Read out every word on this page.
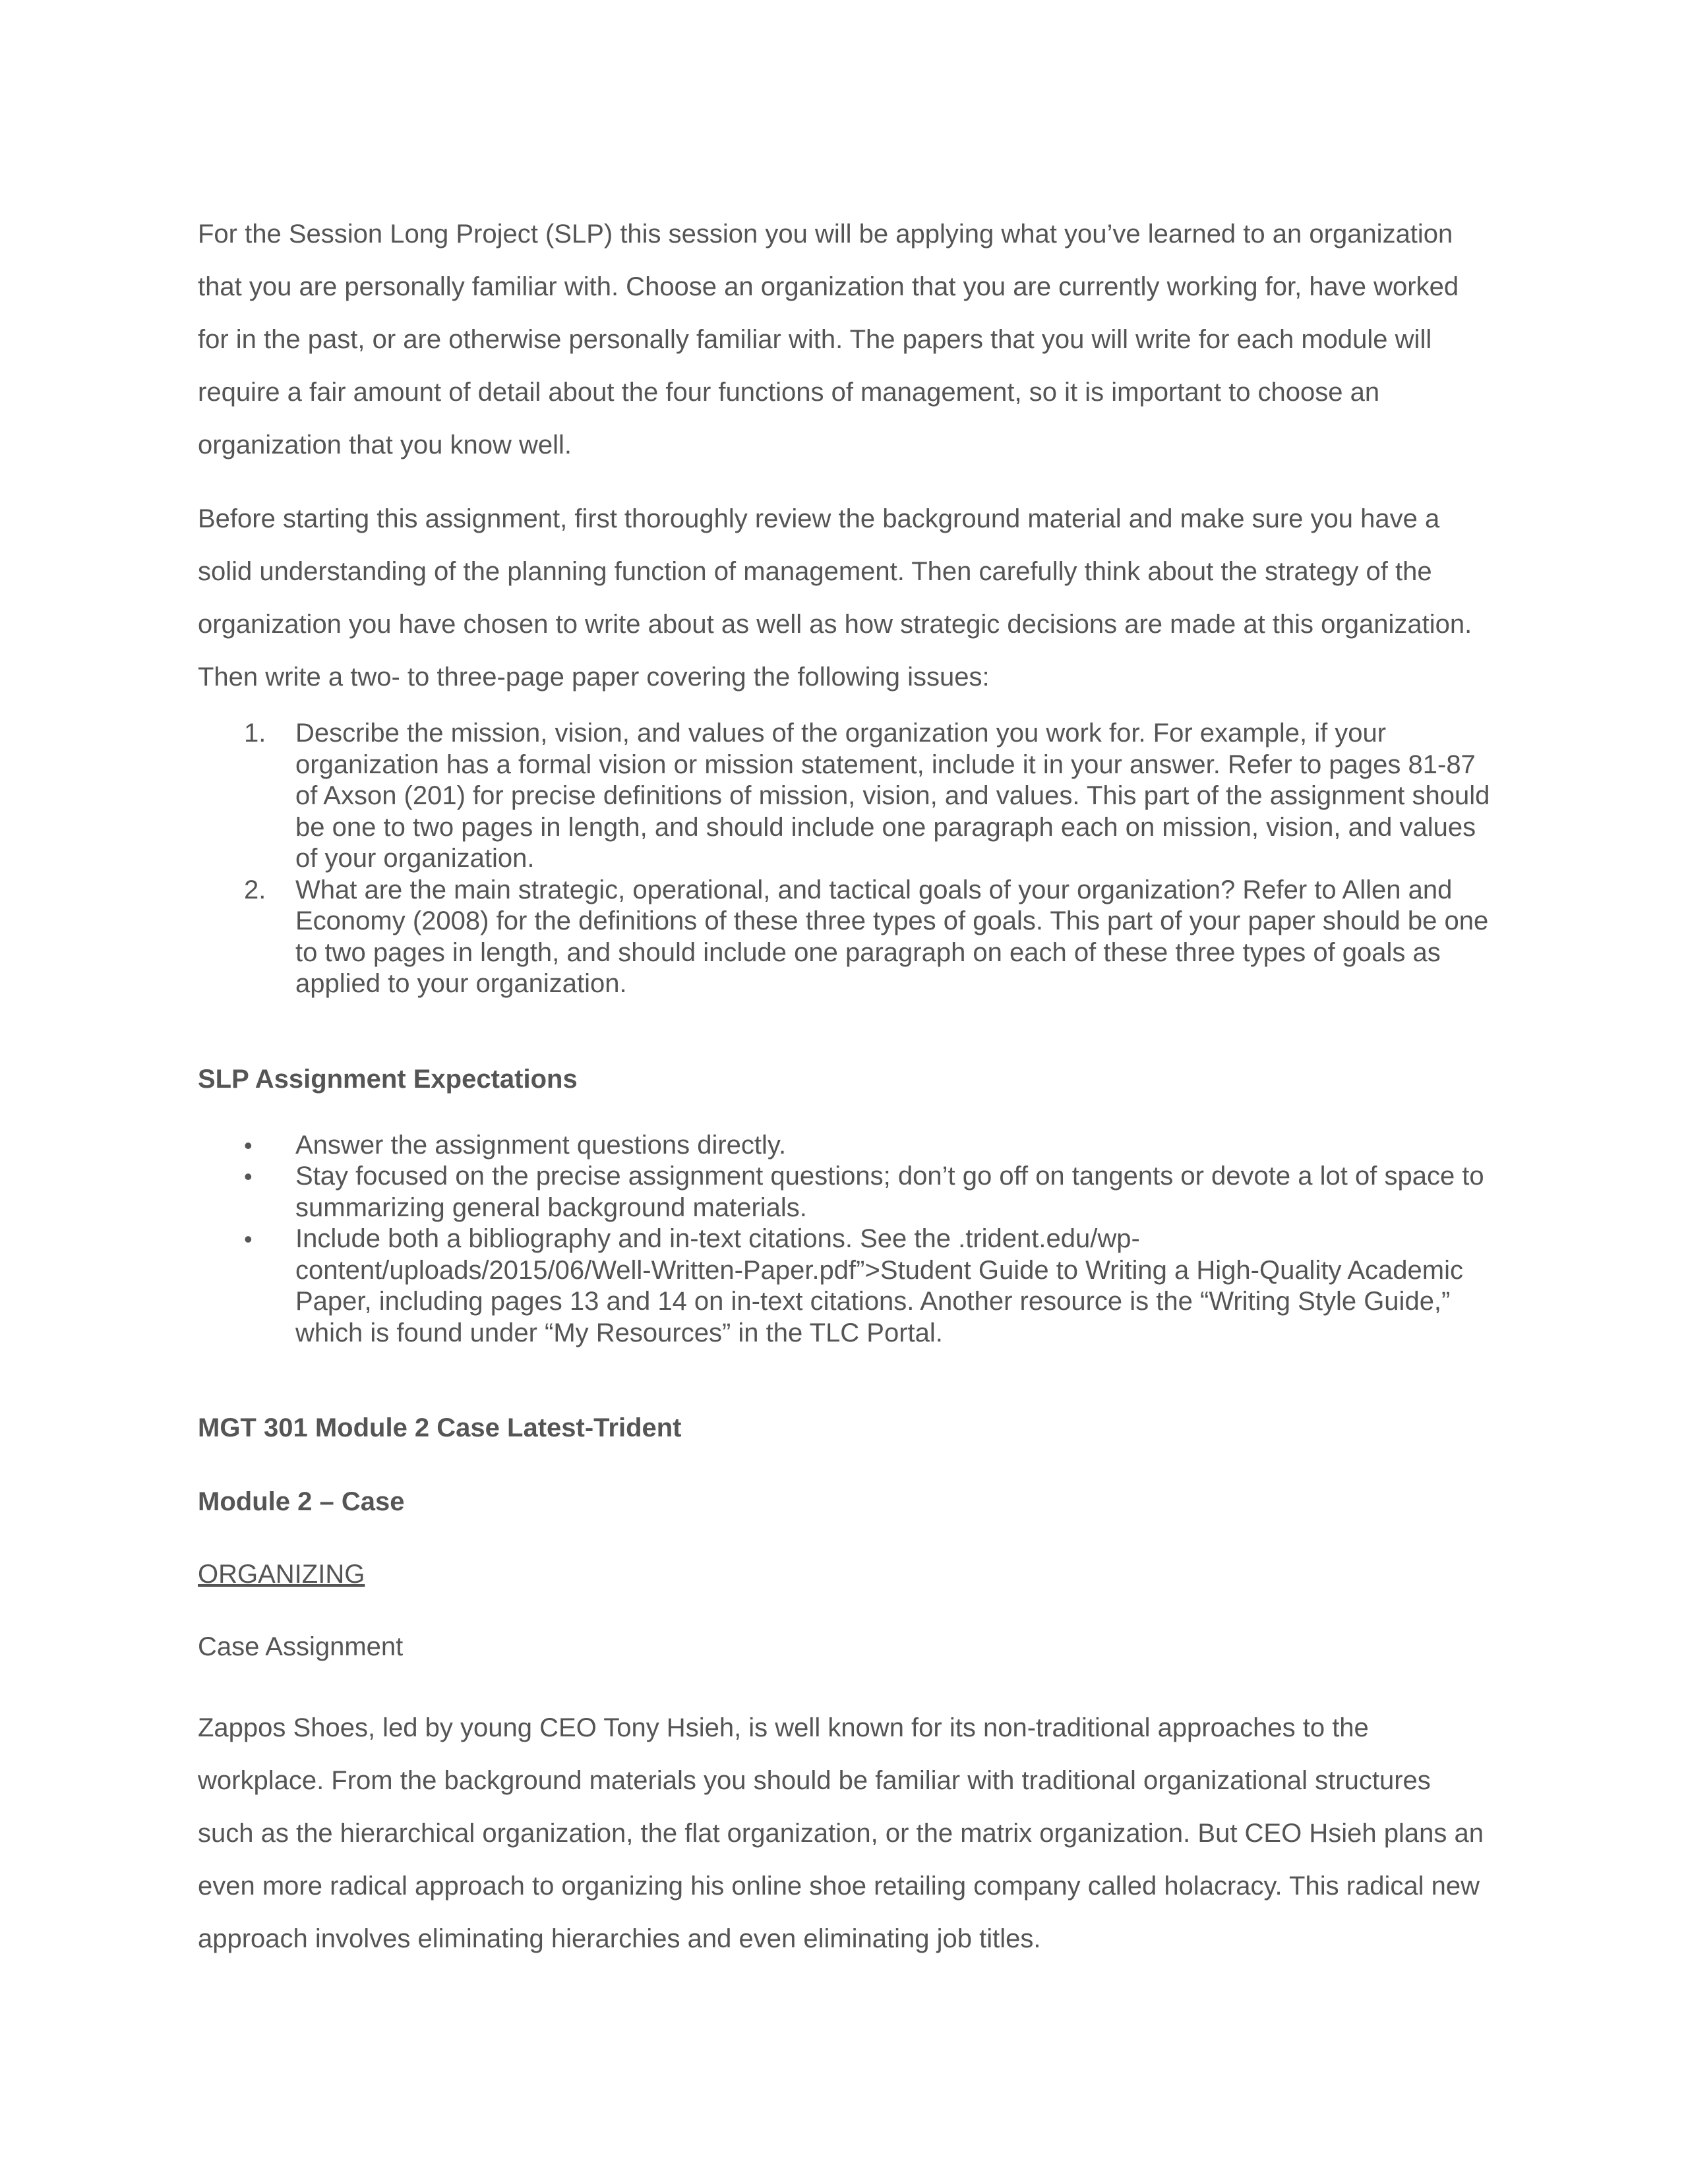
For the Session Long Project (SLP) this session you will be applying what you’ve learned to an organization that you are personally familiar with. Choose an organization that you are currently working for, have worked for in the past, or are otherwise personally familiar with. The papers that you will write for each module will require a fair amount of detail about the four functions of management, so it is important to choose an organization that you know well.

Before starting this assignment, first thoroughly review the background material and make sure you have a solid understanding of the planning function of management. Then carefully think about the strategy of the organization you have chosen to write about as well as how strategic decisions are made at this organization. Then write a two- to three-page paper covering the following issues:

1. Describe the mission, vision, and values of the organization you work for. For example, if your organization has a formal vision or mission statement, include it in your answer. Refer to pages 81-87 of Axson (201) for precise definitions of mission, vision, and values. This part of the assignment should be one to two pages in length, and should include one paragraph each on mission, vision, and values of your organization.
2. What are the main strategic, operational, and tactical goals of your organization? Refer to Allen and Economy (2008) for the definitions of these three types of goals. This part of your paper should be one to two pages in length, and should include one paragraph on each of these three types of goals as applied to your organization.
SLP Assignment Expectations
• Answer the assignment questions directly.
• Stay focused on the precise assignment questions; don’t go off on tangents or devote a lot of space to summarizing general background materials.
• Include both a bibliography and in-text citations. See the .trident.edu/wp-content/uploads/2015/06/Well-Written-Paper.pdf”>Student Guide to Writing a High-Quality Academic Paper, including pages 13 and 14 on in-text citations. Another resource is the “Writing Style Guide,” which is found under “My Resources” in the TLC Portal.
MGT 301 Module 2 Case Latest-Trident
Module 2 – Case

ORGANIZING

Case Assignment

Zappos Shoes, led by young CEO Tony Hsieh, is well known for its non-traditional approaches to the workplace. From the background materials you should be familiar with traditional organizational structures such as the hierarchical organization, the flat organization, or the matrix organization. But CEO Hsieh plans an even more radical approach to organizing his online shoe retailing company called holacracy. This radical new approach involves eliminating hierarchies and even eliminating job titles.
